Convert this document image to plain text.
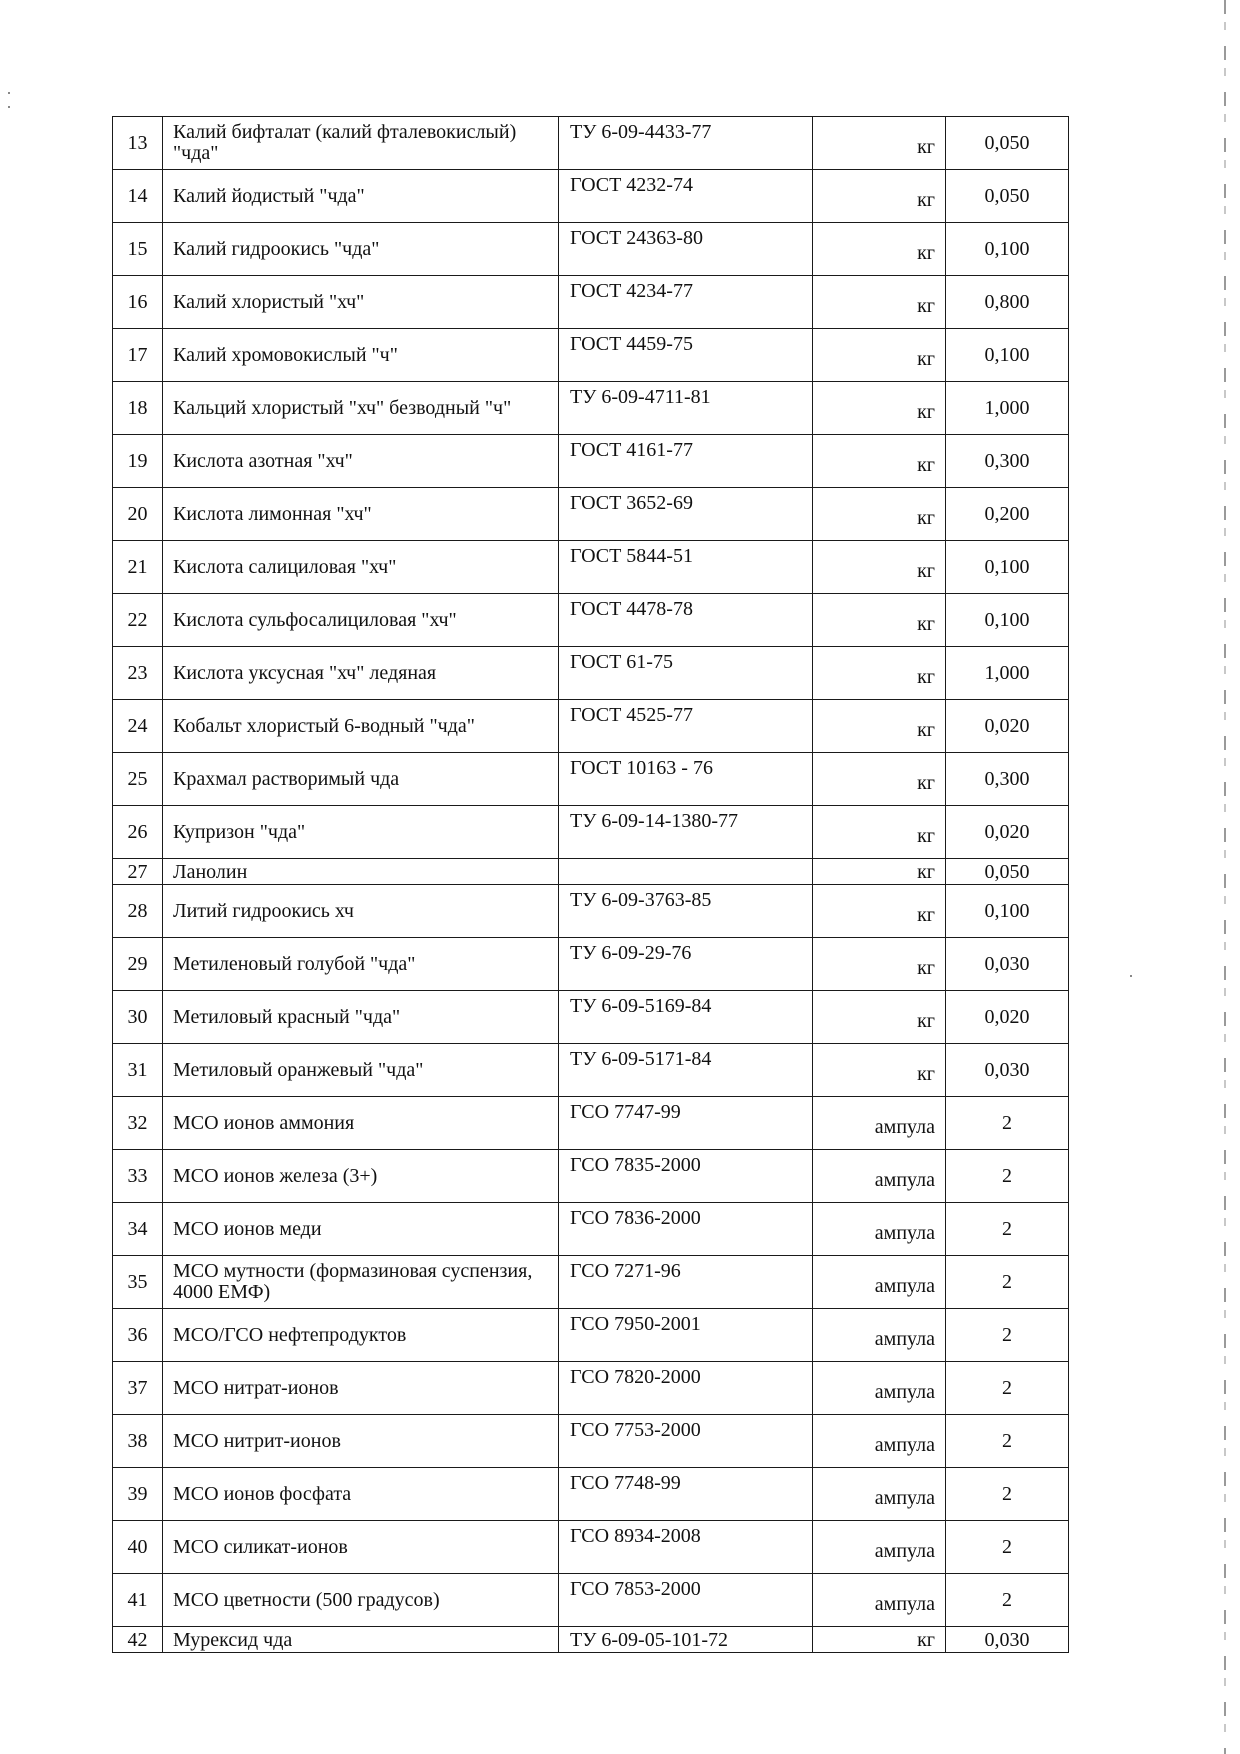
13	Калий бифталат (калий фталевокислый) "чда"	ТУ 6-09-4433-77	кг	0,050
14	Калий йодистый "чда"	ГОСТ 4232-74	кг	0,050
15	Калий гидроокись "чда"	ГОСТ 24363-80	кг	0,100
16	Калий хлористый "хч"	ГОСТ 4234-77	кг	0,800
17	Калий хромовокислый "ч"	ГОСТ 4459-75	кг	0,100
18	Кальций хлористый "хч" безводный "ч"	ТУ 6-09-4711-81	кг	1,000
19	Кислота азотная "хч"	ГОСТ 4161-77	кг	0,300
20	Кислота лимонная "хч"	ГОСТ 3652-69	кг	0,200
21	Кислота салициловая "хч"	ГОСТ 5844-51	кг	0,100
22	Кислота сульфосалициловая "хч"	ГОСТ 4478-78	кг	0,100
23	Кислота уксусная "хч" ледяная	ГОСТ 61-75	кг	1,000
24	Кобальт хлористый 6-водный "чда"	ГОСТ 4525-77	кг	0,020
25	Крахмал растворимый чда	ГОСТ 10163 - 76	кг	0,300
26	Купризон "чда"	ТУ 6-09-14-1380-77	кг	0,020
27	Ланолин		кг	0,050
28	Литий гидроокись хч	ТУ 6-09-3763-85	кг	0,100
29	Метиленовый голубой "чда"	ТУ 6-09-29-76	кг	0,030
30	Метиловый красный "чда"	ТУ 6-09-5169-84	кг	0,020
31	Метиловый оранжевый "чда"	ТУ 6-09-5171-84	кг	0,030
32	МСО ионов аммония	ГСО 7747-99	ампула	2
33	МСО ионов железа (3+)	ГСО 7835-2000	ампула	2
34	МСО ионов меди	ГСО 7836-2000	ампула	2
35	МСО мутности (формазиновая суспензия, 4000 ЕМФ)	ГСО 7271-96	ампула	2
36	МСО/ГСО нефтепродуктов	ГСО 7950-2001	ампула	2
37	МСО нитрат-ионов	ГСО 7820-2000	ампула	2
38	МСО нитрит-ионов	ГСО 7753-2000	ампула	2
39	МСО ионов фосфата	ГСО 7748-99	ампула	2
40	МСО силикат-ионов	ГСО 8934-2008	ампула	2
41	МСО цветности (500 градусов)	ГСО 7853-2000	ампула	2
42	Мурексид чда	ТУ 6-09-05-101-72	кг	0,030
